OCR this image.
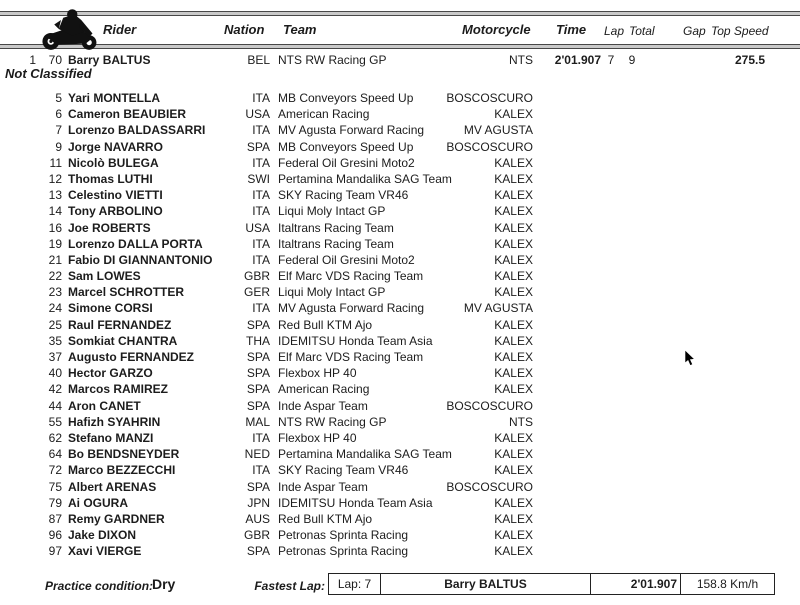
Rider	Nation Team	Motorcycle Time Lap Total Gap Top Speed
1	70 Barry BALTUS	BEL NTS RW Racing GP	NTS	2'01.907 7	9	275.5
Not Classified
5 Yari MONTELLA	ITA MB Conveyors Speed Up	BOSCOSCURO
6 Cameron BEAUBIER	USA American Racing	KALEX
7 Lorenzo BALDASSARRI	ITA MV Agusta Forward Racing	MV AGUSTA
9 Jorge NAVARRO	SPA MB Conveyors Speed Up	BOSCOSCURO
11 Nicolò BULEGA	ITA Federal Oil Gresini Moto2	KALEX
12 Thomas LUTHI	SWI Pertamina Mandalika SAG Team	KALEX
13 Celestino VIETTI	ITA SKY Racing Team VR46	KALEX
14 Tony ARBOLINO	ITA Liqui Moly Intact GP	KALEX
16 Joe ROBERTS	USA Italtrans Racing Team	KALEX
19 Lorenzo DALLA PORTA	ITA Italtrans Racing Team	KALEX
21 Fabio DI GIANNANTONIO	ITA Federal Oil Gresini Moto2	KALEX
22 Sam LOWES	GBR Elf Marc VDS Racing Team	KALEX
23 Marcel SCHROTTER	GER Liqui Moly Intact GP	KALEX
24 Simone CORSI	ITA MV Agusta Forward Racing	MV AGUSTA
25 Raul FERNANDEZ	SPA Red Bull KTM Ajo	KALEX
35 Somkiat CHANTRA	THA IDEMITSU Honda Team Asia	KALEX
37 Augusto FERNANDEZ	SPA Elf Marc VDS Racing Team	KALEX
40 Hector GARZO	SPA Flexbox HP 40	KALEX
42 Marcos RAMIREZ	SPA American Racing	KALEX
44 Aron CANET	SPA Inde Aspar Team	BOSCOSCURO
55 Hafizh SYAHRIN	MAL NTS RW Racing GP	NTS
62 Stefano MANZI	ITA Flexbox HP 40	KALEX
64 Bo BENDSNEYDER	NED Pertamina Mandalika SAG Team	KALEX
72 Marco BEZZECCHI	ITA SKY Racing Team VR46	KALEX
75 Albert ARENAS	SPA Inde Aspar Team	BOSCOSCURO
79 Ai OGURA	JPN IDEMITSU Honda Team Asia	KALEX
87 Remy GARDNER	AUS Red Bull KTM Ajo	KALEX
96 Jake DIXON	GBR Petronas Sprinta Racing	KALEX
97 Xavi VIERGE	SPA Petronas Sprinta Racing	KALEX
Practice condition:
Dry	Fastest Lap:	Lap: 7	Barry BALTUS	2'01.907	158.8 Km/h
